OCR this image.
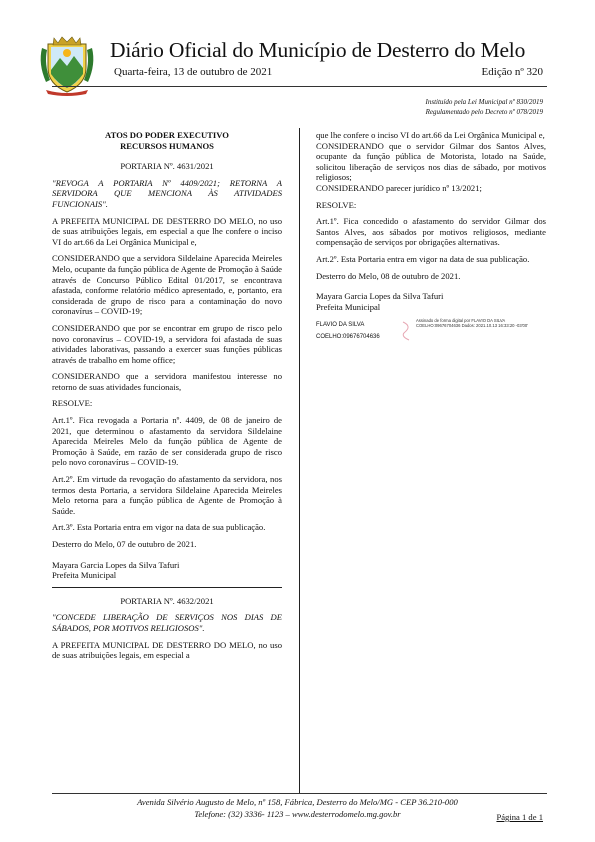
Diário Oficial do Município de Desterro do Melo
Quarta-feira, 13 de outubro de 2021	Edição nº 320
Instituído pela Lei Municipal nº 830/2019
Regulamentado pelo Decreto nº 078/2019

ATOS DO PODER EXECUTIVO

RECURSOS HUMANOS

PORTARIA Nº. 4631/2021

"REVOGA A PORTARIA Nº 4409/2021; RETORNA A SERVIDORA QUE MENCIONA ÀS ATIVIDADES FUNCIONAIS".

A PREFEITA MUNICIPAL DE DESTERRO DO MELO, no uso de suas atribuições legais, em especial a que lhe confere o inciso VI do art.66 da Lei Orgânica Municipal e,

CONSIDERANDO que a servidora Sildelaine Aparecida Meireles Melo, ocupante da função pública de Agente de Promoção à Saúde através de Concurso Público Edital 01/2017, se encontrava afastada, conforme relatório médico apresentado, e, portanto, era considerada de grupo de risco para a contaminação do novo coronavírus – COVID-19;

CONSIDERANDO que por se encontrar em grupo de risco pelo novo coronavírus – COVID-19, a servidora foi afastada de suas atividades laborativas, passando a exercer suas funções públicas através de trabalho em home office;

CONSIDERANDO que a servidora manifestou interesse no retorno de suas atividades funcionais,

RESOLVE:

Art.1º. Fica revogada a Portaria nº. 4409, de 08 de janeiro de 2021, que determinou o afastamento da servidora Sildelaine Aparecida Meireles Melo da função pública de Agente de Promoção à Saúde, em razão de ser considerada grupo de risco pelo novo coronavírus – COVID-19.

Art.2º. Em virtude da revogação do afastamento da servidora, nos termos desta Portaria, a servidora Sildelaine Aparecida Meireles Melo retorna para a função pública de Agente de Promoção à Saúde.

Art.3º. Esta Portaria entra em vigor na data de sua publicação.

Desterro do Melo, 07 de outubro de 2021.

Mayara Garcia Lopes da Silva Tafuri
Prefeita Municipal

PORTARIA Nº. 4632/2021

"CONCEDE LIBERAÇÃO DE SERVIÇOS NOS DIAS DE SÁBADOS, POR MOTIVOS RELIGIOSOS".

A PREFEITA MUNICIPAL DE DESTERRO DO MELO, no uso de suas atribuições legais, em especial a

que lhe confere o inciso VI do art.66 da Lei Orgânica Municipal e,

CONSIDERANDO que o servidor Gilmar dos Santos Alves, ocupante da função pública de Motorista, lotado na Saúde, solicitou liberação de serviços nos dias de sábado, por motivos religiosos;

CONSIDERANDO parecer jurídico nº 13/2021;

RESOLVE:

Art.1º. Fica concedido o afastamento do servidor Gilmar dos Santos Alves, aos sábados por motivos religiosos, mediante compensação de serviços por obrigações alternativas.

Art.2º. Esta Portaria entra em vigor na data de sua publicação.

Desterro do Melo, 08 de outubro de 2021.

Mayara Garcia Lopes da Silva Tafuri
Prefeita Municipal
FLAVIO DA SILVA
COELHO:09676704636
Assinado de forma digital por FLAVIO DA SILVA COELHO:09676704636 Dados: 2021.10.13 16:33:20 -03'00'
Avenida Silvério Augusto de Melo, nº 158, Fábrica, Desterro do Melo/MG - CEP 36.210-000
Telefone: (32) 3336- 1123 – www.desterrodomelo.mg.gov.br	Página 1 de 1
